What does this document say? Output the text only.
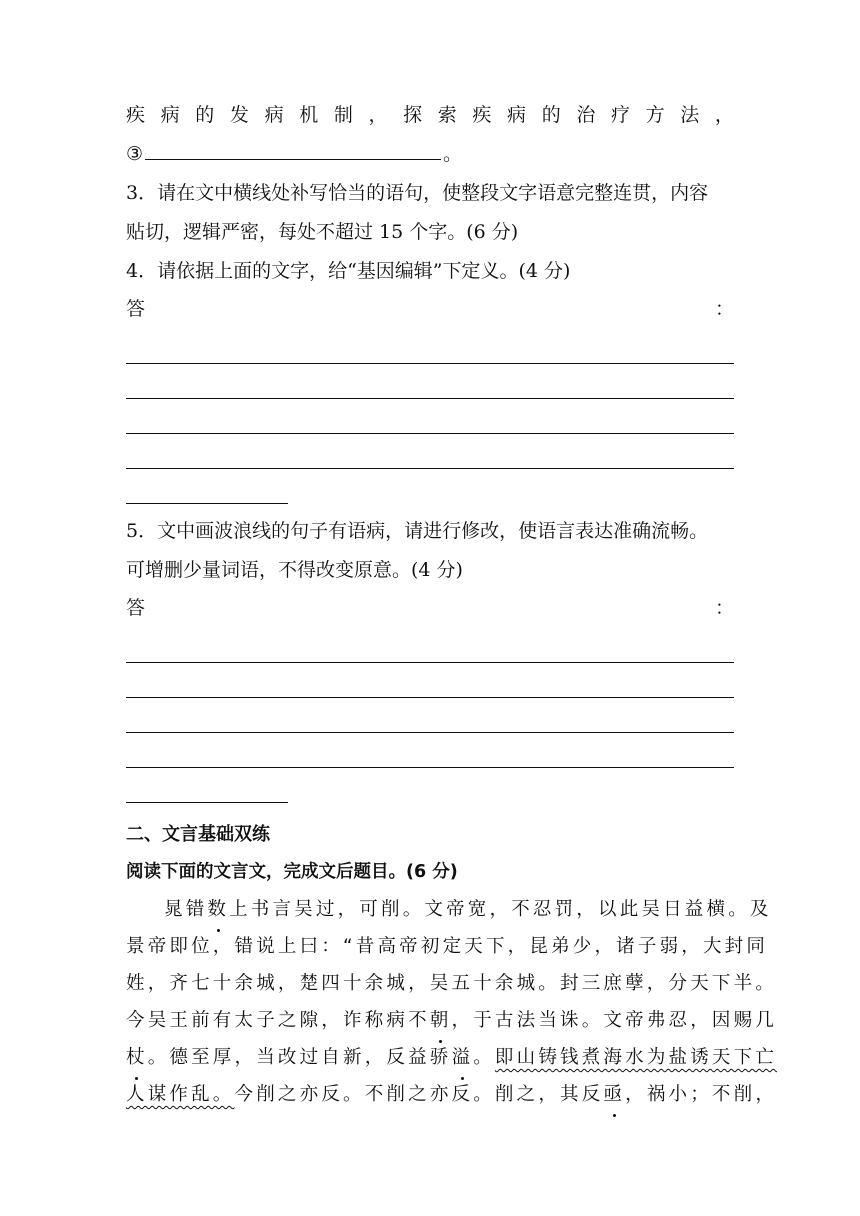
疾 病 的 发 病 机 制 ， 探 索 疾 病 的 治 疗 方 法 ，
③	。
3．请在文中横线处补写恰当的语句，使整段文字语意完整连贯，内容
贴切，逻辑严密，每处不超过 15 个字。(6 分)
4．请依据上面的文字，给“基因编辑”下定义。(4 分)
答	：
5．文中画波浪线的句子有语病，请进行修改，使语言表达准确流畅。
可增删少量词语，不得改变原意。(4 分)
答	：
二、文言基础双练
阅读下面的文言文，完成文后题目。(6 分)
晁错数上书言吴过，可削。文帝宽，不忍罚，以此吴日益横。及
景帝即位，错说上曰：“昔高帝初定天下，昆弟少，诸子弱，大封同
姓，齐七十余城，楚四十余城，吴五十余城。封三庶孽，分天下半。
今吴王前有太子之隙，诈称病不朝，于古法当诛。文帝弗忍，因赐几
杖。德至厚，当改过自新，反益骄溢。即山铸钱煮海水为盐诱天下亡
人谋作乱。今削之亦反。不削之亦反。削之，其反亟，祸小；不削，
